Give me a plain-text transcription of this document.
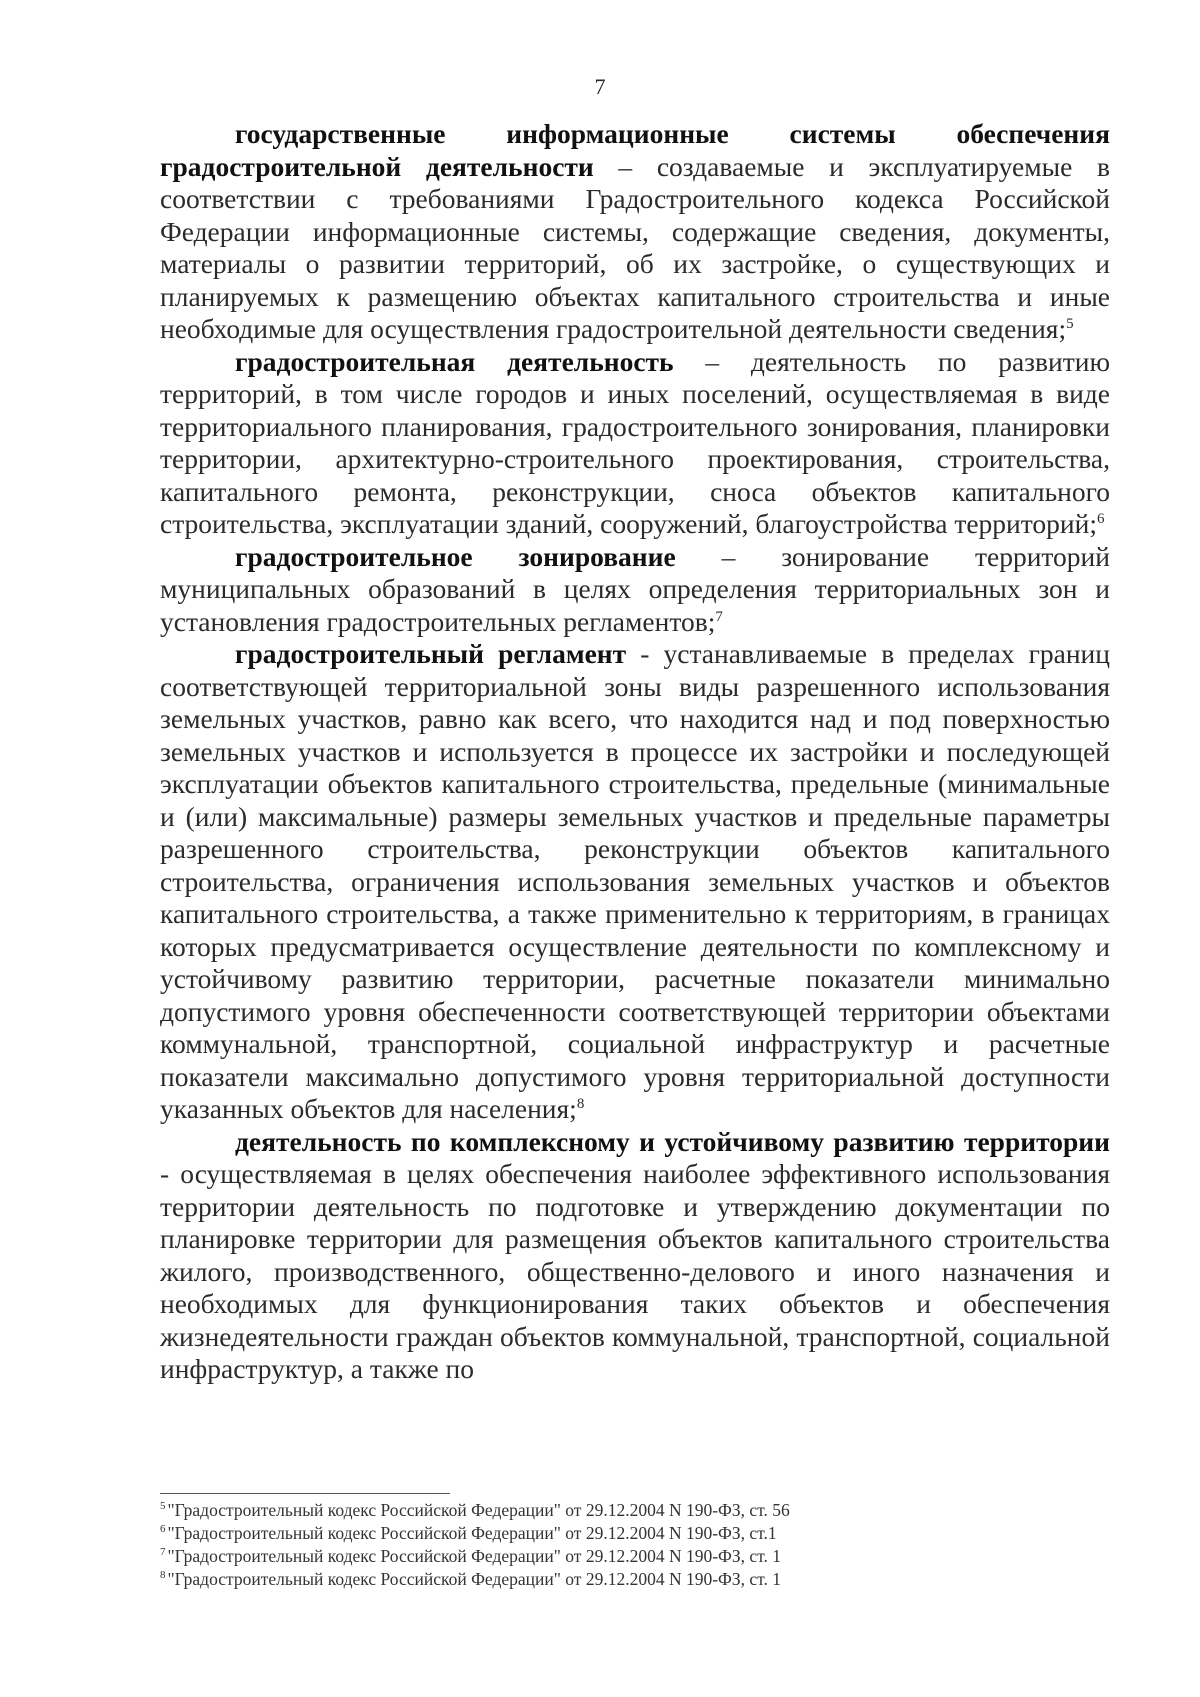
7

государственные информационные системы обеспечения градостроительной деятельности – создаваемые и эксплуатируемые в соответствии с требованиями Градостроительного кодекса Российской Федерации информационные системы, содержащие сведения, документы, материалы о развитии территорий, об их застройке, о существующих и планируемых к размещению объектах капитального строительства и иные необходимые для осуществления градостроительной деятельности сведения;$^5$

градостроительная деятельность – деятельность по развитию территорий, в том числе городов и иных поселений, осуществляемая в виде территориального планирования, градостроительного зонирования, планировки территории, архитектурно-строительного проектирования, строительства, капитального ремонта, реконструкции, сноса объектов капитального строительства, эксплуатации зданий, сооружений, благоустройства территорий;$^6$

градостроительное зонирование – зонирование территорий муниципальных образований в целях определения территориальных зон и установления градостроительных регламентов;$^7$

градостроительный регламент - устанавливаемые в пределах границ соответствующей территориальной зоны виды разрешенного использования земельных участков, равно как всего, что находится над и под поверхностью земельных участков и используется в процессе их застройки и последующей эксплуатации объектов капитального строительства, предельные (минимальные и (или) максимальные) размеры земельных участков и предельные параметры разрешенного строительства, реконструкции объектов капитального строительства, ограничения использования земельных участков и объектов капитального строительства, а также применительно к территориям, в границах которых предусматривается осуществление деятельности по комплексному и устойчивому развитию территории, расчетные показатели минимально допустимого уровня обеспеченности соответствующей территории объектами коммунальной, транспортной, социальной инфраструктур и расчетные показатели максимально допустимого уровня территориальной доступности указанных объектов для населения;$^8$

деятельность по комплексному и устойчивому развитию территории - осуществляемая в целях обеспечения наиболее эффективного использования территории деятельность по подготовке и утверждению документации по планировке территории для размещения объектов капитального строительства жилого, производственного, общественно-делового и иного назначения и необходимых для функционирования таких объектов и обеспечения жизнедеятельности граждан объектов коммунальной, транспортной, социальной инфраструктур, а также по

$^5$ "Градостроительный кодекс Российской Федерации" от 29.12.2004 N 190-ФЗ, ст. 56

$^6$ "Градостроительный кодекс Российской Федерации" от 29.12.2004 N 190-ФЗ, ст.1

$^7$ "Градостроительный кодекс Российской Федерации" от 29.12.2004 N 190-ФЗ, ст. 1

$^8$ "Градостроительный кодекс Российской Федерации" от 29.12.2004 N 190-ФЗ, ст. 1
